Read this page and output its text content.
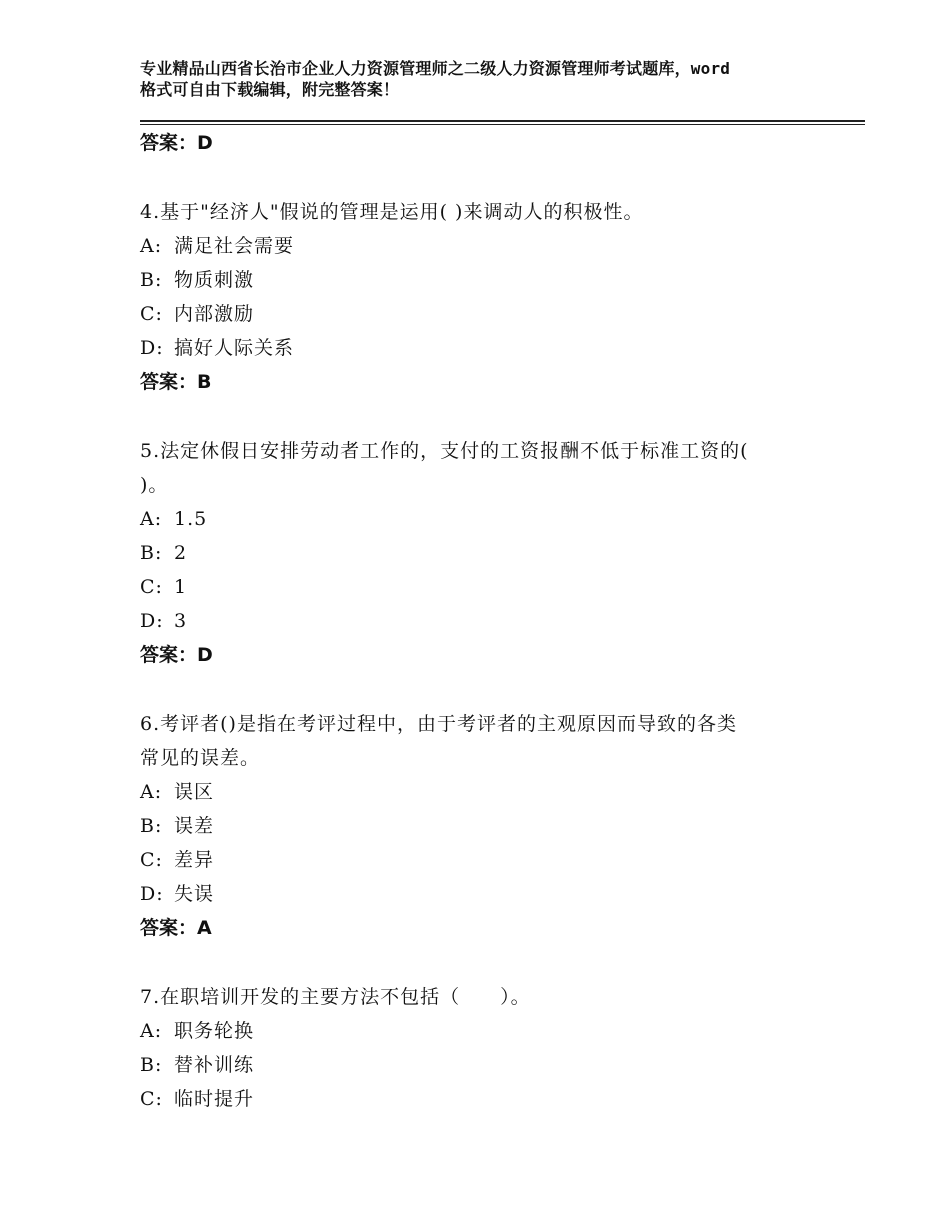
专业精品山西省长治市企业人力资源管理师之二级人力资源管理师考试题库，word
格式可自由下载编辑，附完整答案！
答案：D
4.基于"经济人"假说的管理是运用( )来调动人的积极性。
A: 满足社会需要
B: 物质刺激
C: 内部激励
D: 搞好人际关系
答案：B
5.法定休假日安排劳动者工作的，支付的工资报酬不低于标准工资的(
)。
A: 1.5
B: 2
C: 1
D: 3
答案：D
6.考评者()是指在考评过程中，由于考评者的主观原因而导致的各类
常见的误差。
A: 误区
B: 误差
C: 差异
D: 失误
答案：A
7.在职培训开发的主要方法不包括（　　）。
A: 职务轮换
B: 替补训练
C: 临时提升
